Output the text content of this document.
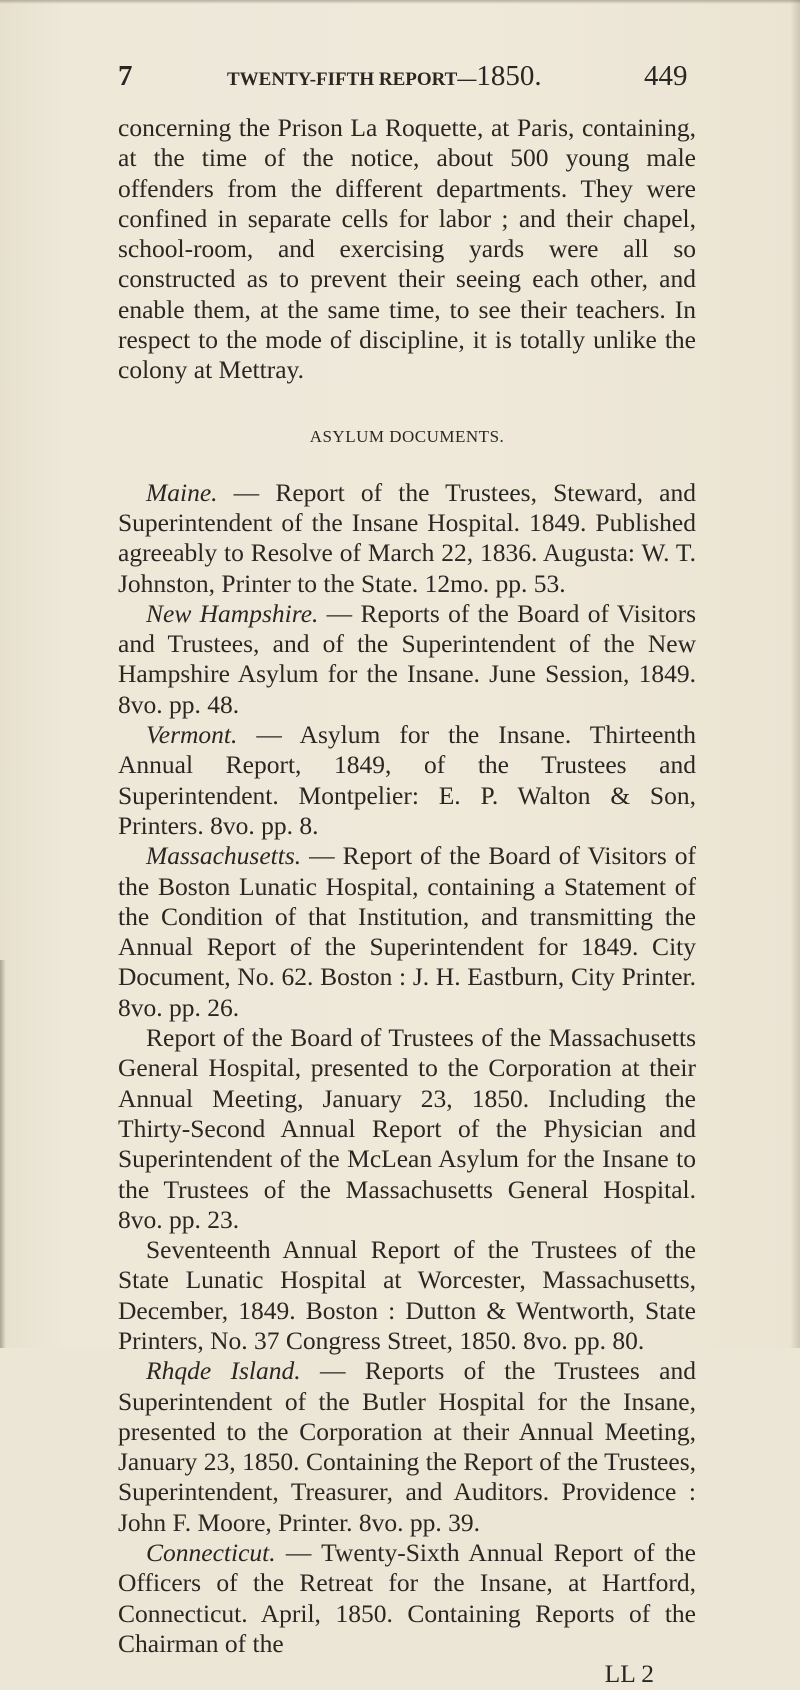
7	TWENTY-FIFTH REPORT—1850.	449

concerning the Prison La Roquette, at Paris, containing, at the time of the notice, about 500 young male offenders from the different departments. They were confined in separate cells for labor ; and their chapel, school-room, and exercising yards were all so constructed as to prevent their seeing each other, and enable them, at the same time, to see their teachers. In respect to the mode of discipline, it is totally unlike the colony at Mettray.

ASYLUM DOCUMENTS.

Maine. — Report of the Trustees, Steward, and Superintendent of the Insane Hospital. 1849. Published agreeably to Resolve of March 22, 1836. Augusta: W. T. Johnston, Printer to the State. 12mo. pp. 53.

New Hampshire. — Reports of the Board of Visitors and Trustees, and of the Superintendent of the New Hampshire Asylum for the Insane. June Session, 1849. 8vo. pp. 48.

Vermont. — Asylum for the Insane. Thirteenth Annual Report, 1849, of the Trustees and Superintendent. Montpelier: E. P. Walton & Son, Printers. 8vo. pp. 8.

Massachusetts. — Report of the Board of Visitors of the Boston Lunatic Hospital, containing a Statement of the Condition of that Institution, and transmitting the Annual Report of the Superintendent for 1849. City Document, No. 62. Boston : J. H. Eastburn, City Printer. 8vo. pp. 26.

Report of the Board of Trustees of the Massachusetts General Hospital, presented to the Corporation at their Annual Meeting, January 23, 1850. Including the Thirty-Second Annual Report of the Physician and Superintendent of the McLean Asylum for the Insane to the Trustees of the Massachusetts General Hospital. 8vo. pp. 23.

Seventeenth Annual Report of the Trustees of the State Lunatic Hospital at Worcester, Massachusetts, December, 1849. Boston : Dutton & Wentworth, State Printers, No. 37 Congress Street, 1850. 8vo. pp. 80.

Rhqde Island. — Reports of the Trustees and Superintendent of the Butler Hospital for the Insane, presented to the Corporation at their Annual Meeting, January 23, 1850. Containing the Report of the Trustees, Superintendent, Treasurer, and Auditors. Providence : John F. Moore, Printer. 8vo. pp. 39.

Connecticut. — Twenty-Sixth Annual Report of the Officers of the Retreat for the Insane, at Hartford, Connecticut. April, 1850. Containing Reports of the Chairman of the

LL 2
